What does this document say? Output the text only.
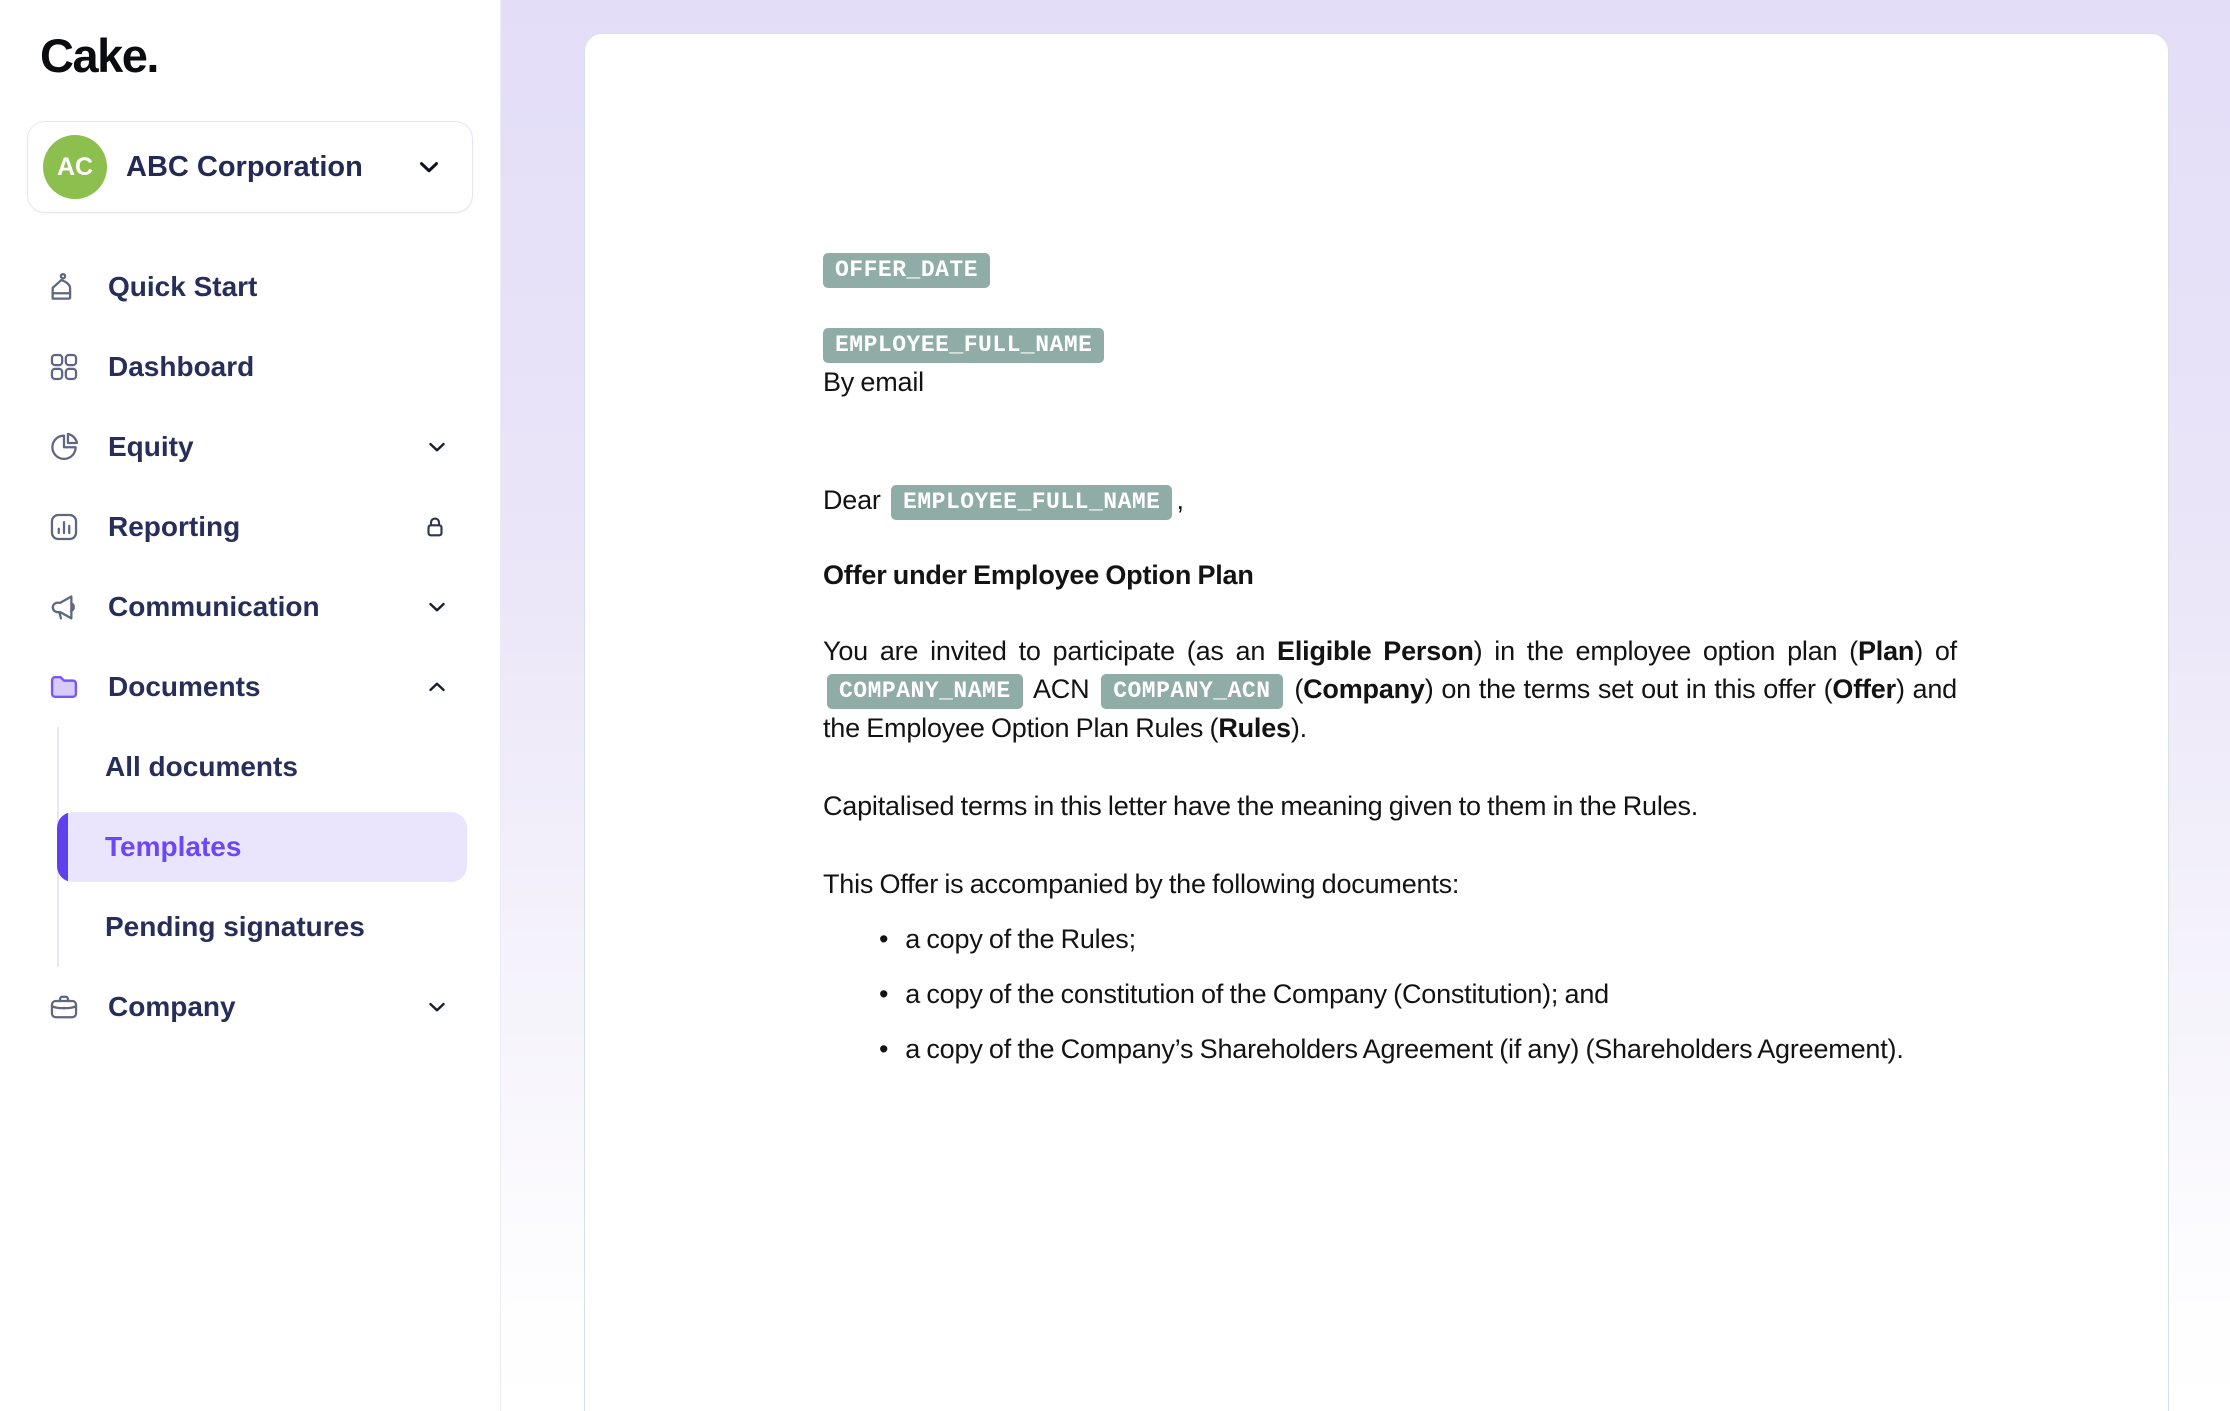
Cake.
AC ABC Corporation
Quick Start
Dashboard
Equity
Reporting
Communication
Documents
All documents
Templates
Pending signatures
Company

OFFER_DATE

EMPLOYEE_FULL_NAME

By email

Dear EMPLOYEE_FULL_NAME ,

Offer under Employee Option Plan

You are invited to participate (as an Eligible Person) in the employee option plan (Plan) of COMPANY_NAME ACN COMPANY_ACN (Company) on the terms set out in this offer (Offer) and the Employee Option Plan Rules (Rules).

Capitalised terms in this letter have the meaning given to them in the Rules.

This Offer is accompanied by the following documents:

• a copy of the Rules;

• a copy of the constitution of the Company (Constitution); and

• a copy of the Company’s Shareholders Agreement (if any) (Shareholders Agreement).
